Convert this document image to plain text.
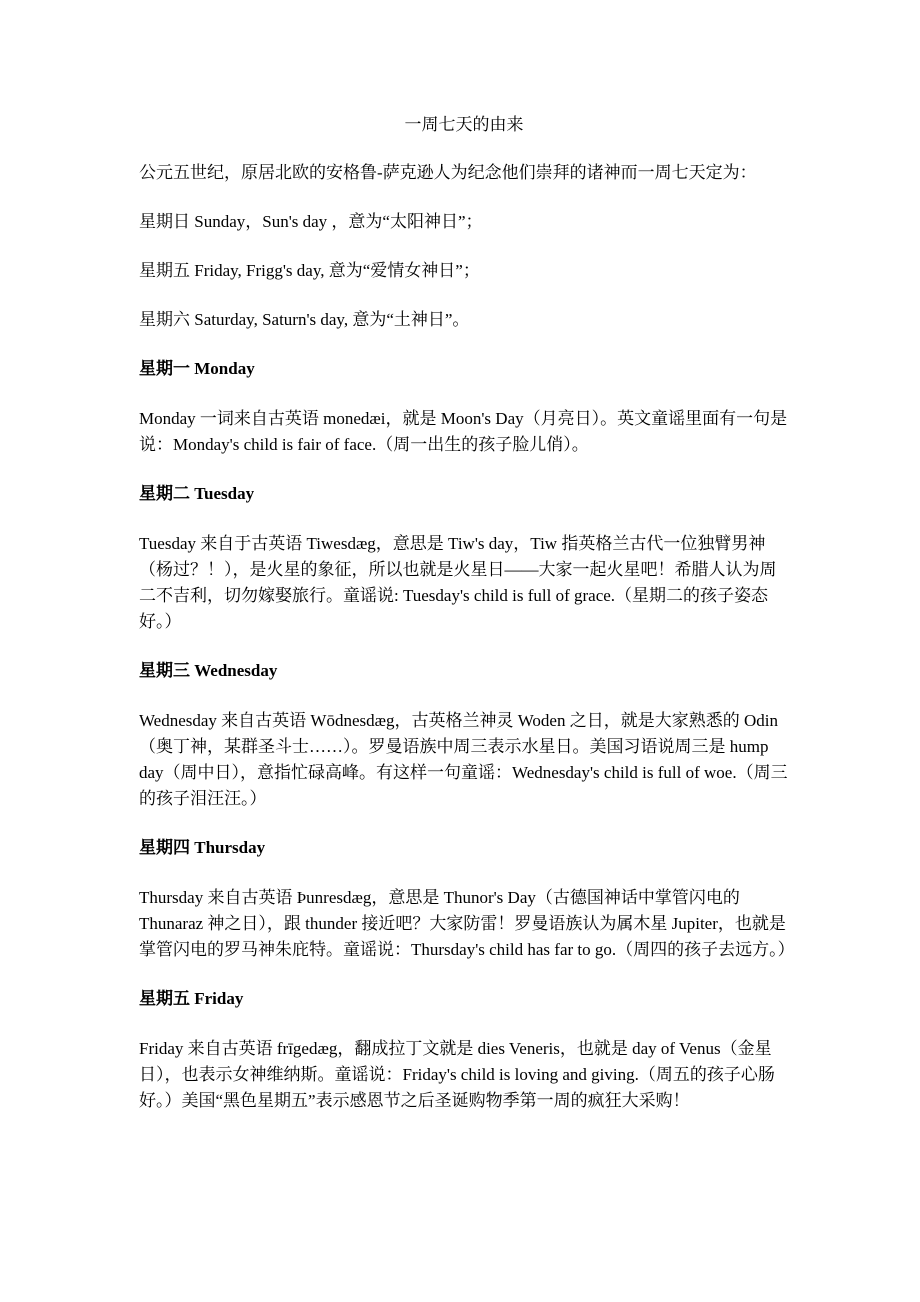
一周七天的由来
公元五世纪，原居北欧的安格鲁-萨克逊人为纪念他们崇拜的诸神而一周七天定为：
星期日 Sunday，Sun's day ，意为“太阳神日”；
星期五 Friday, Frigg's day, 意为“爱情女神日”；
星期六 Saturday, Saturn's day, 意为“土神日”。
星期一 Monday
Monday 一词来自古英语 monedæi，就是 Moon's Day（月亮日）。英文童谣里面有一句是说：Monday's child is fair of face.（周一出生的孩子脸儿俏）。
星期二 Tuesday
Tuesday 来自于古英语 Tiwesdæg，意思是 Tiw's day，Tiw 指英格兰古代一位独臂男神（杨过？！），是火星的象征，所以也就是火星日——大家一起火星吧！希腊人认为周二不吉利，切勿嫁娶旅行。童谣说: Tuesday's child is full of grace.（星期二的孩子姿态好。）
星期三 Wednesday
Wednesday 来自古英语 Wōdnesdæg，古英格兰神灵 Woden 之日，就是大家熟悉的 Odin（奥丁神，某群圣斗士……）。罗曼语族中周三表示水星日。美国习语说周三是 hump day（周中日），意指忙碌高峰。有这样一句童谣：Wednesday's child is full of woe.（周三的孩子泪汪汪。）
星期四 Thursday
Thursday 来自古英语 Þunresdæg，意思是 Thunor's Day（古德国神话中掌管闪电的 Thunaraz 神之日），跟 thunder 接近吧？大家防雷！罗曼语族认为属木星 Jupiter，也就是掌管闪电的罗马神朱庇特。童谣说：Thursday's child has far to go.（周四的孩子去远方。）
星期五 Friday
Friday 来自古英语 frīgedæg，翻成拉丁文就是 dies Veneris，也就是 day of Venus（金星日），也表示女神维纳斯。童谣说：Friday's child is loving and giving.（周五的孩子心肠好。）美国“黑色星期五”表示感恩节之后圣诞购物季第一周的疯狂大采购！
